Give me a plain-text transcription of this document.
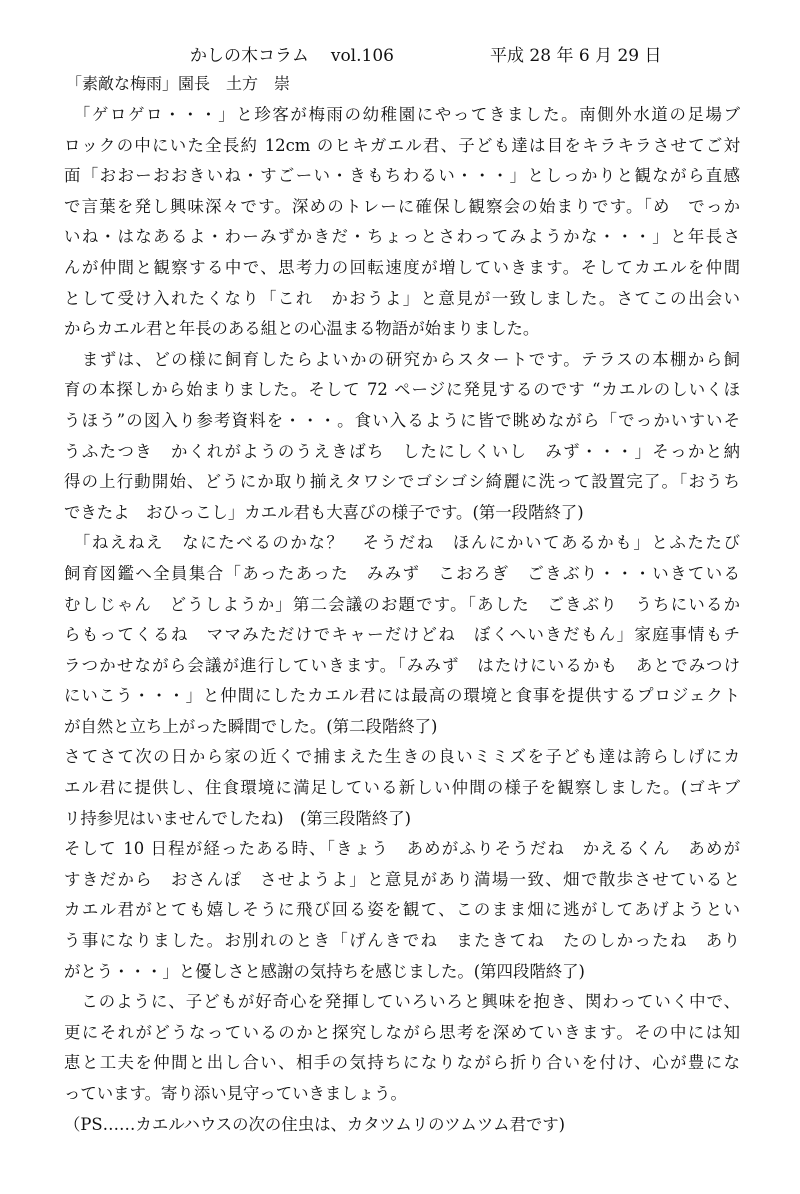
かしの木コラム vol.106	平成 28 年 6 月 29 日
「素敵な梅雨」園長　土方　崇
　「ゲロゲロ・・・」と珍客が梅雨の幼稚園にやってきました。南側外水道の足場ブ
ロックの中にいた全長約 12cm のヒキガエル君、子ども達は目をキラキラさせてご対
面「おおーおおきいね・すごーい・きもちわるい・・・」としっかりと観ながら直感
で言葉を発し興味深々です。深めのトレーに確保し観察会の始まりです。「め　でっか
いね・はなあるよ・わーみずかきだ・ちょっとさわってみようかな・・・」と年長さ
んが仲間と観察する中で、思考力の回転速度が増していきます。そしてカエルを仲間
として受け入れたくなり「これ　かおうよ」と意見が一致しました。さてこの出会い
からカエル君と年長のある組との心温まる物語が始まりました。
　まずは、どの様に飼育したらよいかの研究からスタートです。テラスの本棚から飼
育の本探しから始まりました。そして 72 ページに発見するのです “カエルのしいくほ
うほう”の図入り参考資料を・・・。食い入るように皆で眺めながら「でっかいすいそ
うふたつき　かくれがようのうえきばち　したにしくいし　みず・・・」そっかと納
得の上行動開始、どうにか取り揃えタワシでゴシゴシ綺麗に洗って設置完了。「おうち
できたよ　おひっこし」カエル君も大喜びの様子です。(第一段階終了)
　「ねえねえ　なにたべるのかな？　そうだね　ほんにかいてあるかも」とふたたび
飼育図鑑へ全員集合「あったあった　みみず　こおろぎ　ごきぶり・・・いきている
むしじゃん　どうしようか」第二会議のお題です。「あした　ごきぶり　うちにいるか
らもってくるね　ママみただけでキャーだけどね　ぼくへいきだもん」家庭事情もチ
ラつかせながら会議が進行していきます。「みみず　はたけにいるかも　あとでみつけ
にいこう・・・」と仲間にしたカエル君には最高の環境と食事を提供するプロジェクト
が自然と立ち上がった瞬間でした。(第二段階終了)
さてさて次の日から家の近くで捕まえた生きの良いミミズを子ども達は誇らしげにカ
エル君に提供し、住食環境に満足している新しい仲間の様子を観察しました。(ゴキブ
リ持参児はいませんでしたね)　(第三段階終了)
そして 10 日程が経ったある時、「きょう　あめがふりそうだね　かえるくん　あめが
すきだから　おさんぽ　させようよ」と意見があり満場一致、畑で散歩させていると
カエル君がとても嬉しそうに飛び回る姿を観て、このまま畑に逃がしてあげようとい
う事になりました。お別れのとき「げんきでね　またきてね　たのしかったね　あり
がとう・・・」と優しさと感謝の気持ちを感じました。(第四段階終了)
　このように、子どもが好奇心を発揮していろいろと興味を抱き、関わっていく中で、
更にそれがどうなっているのかと探究しながら思考を深めていきます。その中には知
恵と工夫を仲間と出し合い、相手の気持ちになりながら折り合いを付け、心が豊にな
っています。寄り添い見守っていきましょう。
（PS……カエルハウスの次の住虫は、カタツムリのツムツム君です)
